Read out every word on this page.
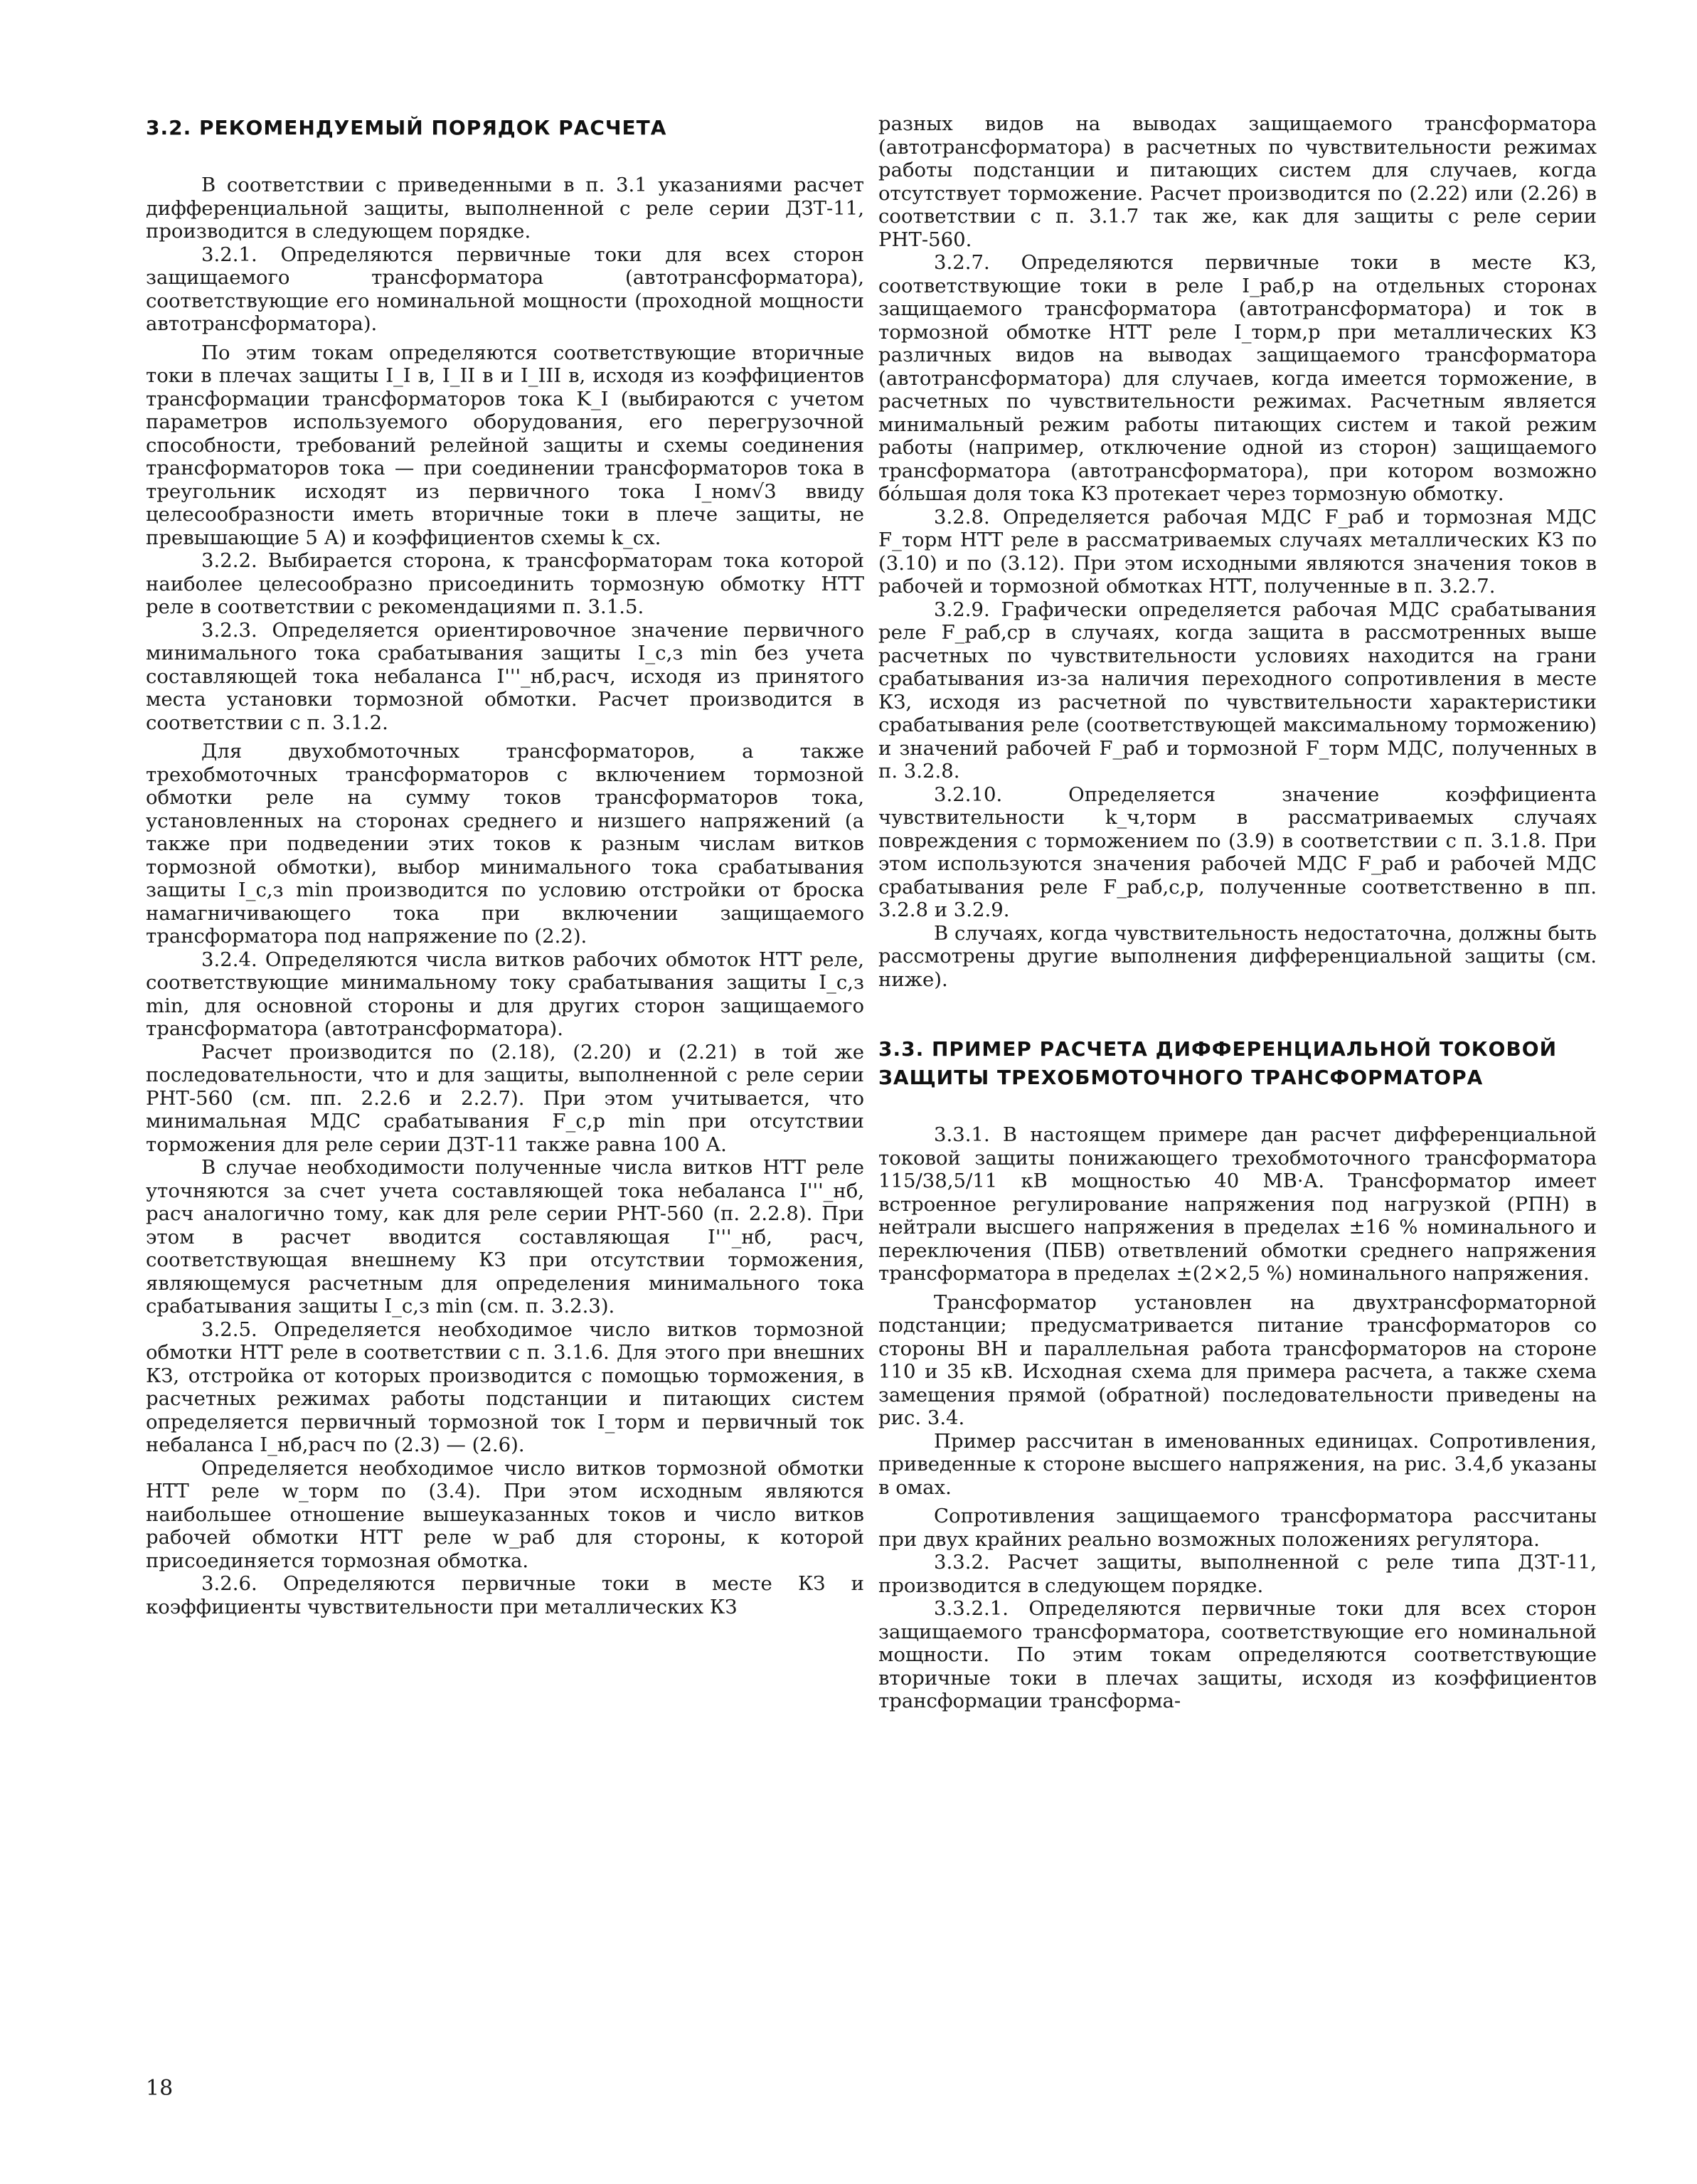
3.2. РЕКОМЕНДУЕМЫЙ ПОРЯДОК РАСЧЕТА

В соответствии с приведенными в п. 3.1 указаниями расчет дифференциальной защиты, выполненной с реле серии ДЗТ-11, производится в следующем порядке.

3.2.1. Определяются первичные токи для всех сторон защищаемого трансформатора (автотрансформатора), соответствующие его номинальной мощности (проходной мощности автотрансформатора).

По этим токам определяются соответствующие вторичные токи в плечах защиты I_I в, I_II в и I_III в, исходя из коэффициентов трансформации трансформаторов тока K_I (выбираются с учетом параметров используемого оборудования, его перегрузочной способности, требований релейной защиты и схемы соединения трансформаторов тока — при соединении трансформаторов тока в треугольник исходят из первичного тока I_ном√3 ввиду целесообразности иметь вторичные токи в плече защиты, не превышающие 5 А) и коэффициентов схемы k_сх.

3.2.2. Выбирается сторона, к трансформаторам тока которой наиболее целесообразно присоединить тормозную обмотку НТТ реле в соответствии с рекомендациями п. 3.1.5.

3.2.3. Определяется ориентировочное значение первичного минимального тока срабатывания защиты I_c,з min без учета составляющей тока небаланса I'''_нб,расч, исходя из принятого места установки тормозной обмотки. Расчет производится в соответствии с п. 3.1.2.

Для двухобмоточных трансформаторов, а также трехобмоточных трансформаторов с включением тормозной обмотки реле на сумму токов трансформаторов тока, установленных на сторонах среднего и низшего напряжений (а также при подведении этих токов к разным числам витков тормозной обмотки), выбор минимального тока срабатывания защиты I_c,з min производится по условию отстройки от броска намагничивающего тока при включении защищаемого трансформатора под напряжение по (2.2).

3.2.4. Определяются числа витков рабочих обмоток НТТ реле, соответствующие минимальному току срабатывания защиты I_c,з min, для основной стороны и для других сторон защищаемого трансформатора (автотрансформатора).

Расчет производится по (2.18), (2.20) и (2.21) в той же последовательности, что и для защиты, выполненной с реле серии РНТ-560 (см. пп. 2.2.6 и 2.2.7). При этом учитывается, что минимальная МДС срабатывания F_c,p min при отсутствии торможения для реле серии ДЗТ-11 также равна 100 А.

В случае необходимости полученные числа витков НТТ реле уточняются за счет учета составляющей тока небаланса I'''_нб, расч аналогично тому, как для реле серии РНТ-560 (п. 2.2.8). При этом в расчет вводится составляющая I'''_нб, расч, соответствующая внешнему КЗ при отсутствии торможения, являющемуся расчетным для определения минимального тока срабатывания защиты I_c,з min (см. п. 3.2.3).

3.2.5. Определяется необходимое число витков тормозной обмотки НТТ реле в соответствии с п. 3.1.6. Для этого при внешних КЗ, отстройка от которых производится с помощью торможения, в расчетных режимах работы подстанции и питающих систем определяется первичный тормозной ток I_торм и первичный ток небаланса I_нб,расч по (2.3) — (2.6).

Определяется необходимое число витков тормозной обмотки НТТ реле w_торм по (3.4). При этом исходным являются наибольшее отношение вышеуказанных токов и число витков рабочей обмотки НТТ реле w_раб для стороны, к которой присоединяется тормозная обмотка.

3.2.6. Определяются первичные токи в месте КЗ и коэффициенты чувствительности при металлических КЗ

разных видов на выводах защищаемого трансформатора (автотрансформатора) в расчетных по чувствительности режимах работы подстанции и питающих систем для случаев, когда отсутствует торможение. Расчет производится по (2.22) или (2.26) в соответствии с п. 3.1.7 так же, как для защиты с реле серии РНТ-560.

3.2.7. Определяются первичные токи в месте КЗ, соответствующие токи в реле I_раб,р на отдельных сторонах защищаемого трансформатора (автотрансформатора) и ток в тормозной обмотке НТТ реле I_торм,р при металлических КЗ различных видов на выводах защищаемого трансформатора (автотрансформатора) для случаев, когда имеется торможение, в расчетных по чувствительности режимах. Расчетным является минимальный режим работы питающих систем и такой режим работы (например, отключение одной из сторон) защищаемого трансформатора (автотрансформатора), при котором возможно бо́льшая доля тока КЗ протекает через тормозную обмотку.

3.2.8. Определяется рабочая МДС F_раб и тормозная МДС F_торм НТТ реле в рассматриваемых случаях металлических КЗ по (3.10) и по (3.12). При этом исходными являются значения токов в рабочей и тормозной обмотках НТТ, полученные в п. 3.2.7.

3.2.9. Графически определяется рабочая МДС срабатывания реле F_раб,ср в случаях, когда защита в рассмотренных выше расчетных по чувствительности условиях находится на грани срабатывания из-за наличия переходного сопротивления в месте КЗ, исходя из расчетной по чувствительности характеристики срабатывания реле (соответствующей максимальному торможению) и значений рабочей F_раб и тормозной F_торм МДС, полученных в п. 3.2.8.

3.2.10. Определяется значение коэффициента чувствительности k_ч,торм в рассматриваемых случаях повреждения с торможением по (3.9) в соответствии с п. 3.1.8. При этом используются значения рабочей МДС F_раб и рабочей МДС срабатывания реле F_раб,с,р, полученные соответственно в пп. 3.2.8 и 3.2.9.

В случаях, когда чувствительность недостаточна, должны быть рассмотрены другие выполнения дифференциальной защиты (см. ниже).

3.3. ПРИМЕР РАСЧЕТА ДИФФЕРЕНЦИАЛЬНОЙ ТОКОВОЙ ЗАЩИТЫ ТРЕХОБМОТОЧНОГО ТРАНСФОРМАТОРА

3.3.1. В настоящем примере дан расчет дифференциальной токовой защиты понижающего трехобмоточного трансформатора 115/38,5/11 кВ мощностью 40 МВ·А. Трансформатор имеет встроенное регулирование напряжения под нагрузкой (РПН) в нейтрали высшего напряжения в пределах ±16 % номинального и переключения (ПБВ) ответвлений обмотки среднего напряжения трансформатора в пределах ±(2×2,5 %) номинального напряжения.

Трансформатор установлен на двухтрансформаторной подстанции; предусматривается питание трансформаторов со стороны ВН и параллельная работа трансформаторов на стороне 110 и 35 кВ. Исходная схема для примера расчета, а также схема замещения прямой (обратной) последовательности приведены на рис. 3.4.

Пример рассчитан в именованных единицах. Сопротивления, приведенные к стороне высшего напряжения, на рис. 3.4,б указаны в омах.

Сопротивления защищаемого трансформатора рассчитаны при двух крайних реально возможных положениях регулятора.

3.3.2. Расчет защиты, выполненной с реле типа ДЗТ-11, производится в следующем порядке.

3.3.2.1. Определяются первичные токи для всех сторон защищаемого трансформатора, соответствующие его номинальной мощности. По этим токам определяются соответствующие вторичные токи в плечах защиты, исходя из коэффициентов трансформации трансформа-

18
